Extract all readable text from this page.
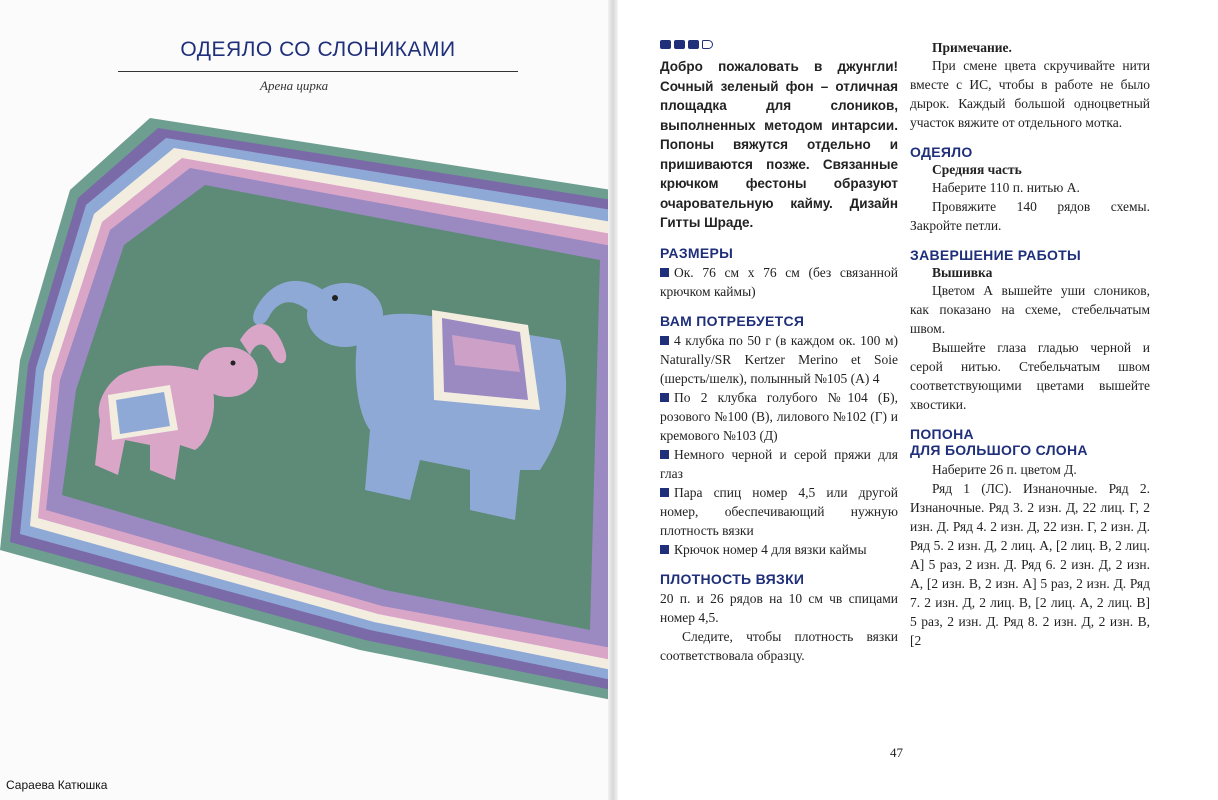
ОДЕЯЛО СО СЛОНИКАМИ
Арена цирка
Сараева Катюшка

Добро пожаловать в джунгли! Сочный зеленый фон – отличная площадка для слоников, выполненных методом интарсии. Попоны вяжутся отдельно и пришиваются позже. Связанные крючком фестоны образуют очаровательную кайму. Дизайн Гитты Шраде.

РАЗМЕРЫ

Ок. 76 см х 76 см (без связанной крючком каймы)

ВАМ ПОТРЕБУЕТСЯ

4 клубка по 50 г (в каждом ок. 100 м) Naturally/SR Kertzer Merino et Soie (шерсть/шелк), полынный №105 (А) 4

По 2 клубка голубого №104 (Б), розового №100 (В), лилового №102 (Г) и кремового №103 (Д)

Немного черной и серой пряжи для глаз

Пара спиц номер 4,5 или другой номер, обеспечивающий нужную плотность вязки

Крючок номер 4 для вязки каймы

ПЛОТНОСТЬ ВЯЗКИ

20 п. и 26 рядов на 10 см чв спицами номер 4,5.

Следите, чтобы плотность вязки соответствовала образцу.

Примечание.

При смене цвета скручивайте нити вместе с ИС, чтобы в работе не было дырок. Каждый большой одноцветный участок вяжите от отдельного мотка.

ОДЕЯЛО
Средняя часть

Наберите 110 п. нитью А.

Провяжите 140 рядов схемы. Закройте петли.

ЗАВЕРШЕНИЕ РАБОТЫ
Вышивка

Цветом А вышейте уши слоников, как показано на схеме, стебельчатым швом.

Вышейте глаза гладью черной и серой нитью. Стебельчатым швом соответствующими цветами вышейте хвостики.

ПОПОНА
ДЛЯ БОЛЬШОГО СЛОНА

Наберите 26 п. цветом Д.

Ряд 1 (ЛС). Изнаночные. Ряд 2. Изнаночные. Ряд 3. 2 изн. Д, 22 лиц. Г, 2 изн. Д. Ряд 4. 2 изн. Д, 22 изн. Г, 2 изн. Д. Ряд 5. 2 изн. Д, 2 лиц. А, [2 лиц. В, 2 лиц. А] 5 раз, 2 изн. Д. Ряд 6. 2 изн. Д, 2 изн. А, [2 изн. В, 2 изн. А] 5 раз, 2 изн. Д. Ряд 7. 2 изн. Д, 2 лиц. В, [2 лиц. А, 2 лиц. В] 5 раз, 2 изн. Д. Ряд 8. 2 изн. Д, 2 изн. В, [2

47
